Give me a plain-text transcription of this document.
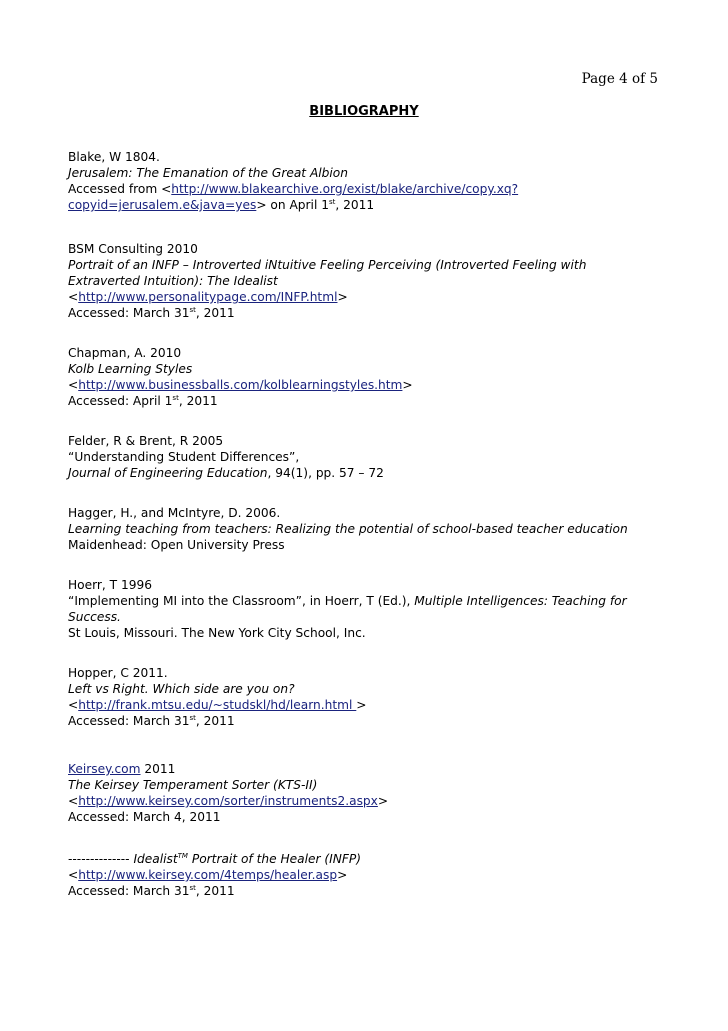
Page 4 of 5
BIBLIOGRAPHY
Blake, W 1804.
Jerusalem: The Emanation of the Great Albion
Accessed from <http://www.blakearchive.org/exist/blake/archive/copy.xq?
copyid=jerusalem.e&java=yes> on April 1st, 2011
BSM Consulting 2010
Portrait of an INFP – Introverted iNtuitive Feeling Perceiving (Introverted Feeling with Extraverted Intuition): The Idealist
<http://www.personalitypage.com/INFP.html>
Accessed: March 31st, 2011
Chapman, A. 2010
Kolb Learning Styles
<http://www.businessballs.com/kolblearningstyles.htm>
Accessed: April 1st, 2011
Felder, R & Brent, R 2005
“Understanding Student Differences”,
Journal of Engineering Education, 94(1), pp. 57 – 72
Hagger, H., and McIntyre, D. 2006.
Learning teaching from teachers: Realizing the potential of school-based teacher education
Maidenhead: Open University Press
Hoerr, T 1996
“Implementing MI into the Classroom”, in Hoerr, T (Ed.), Multiple Intelligences: Teaching for Success.
St Louis, Missouri. The New York City School, Inc.
Hopper, C 2011.
Left vs Right. Which side are you on?
<http://frank.mtsu.edu/~studskl/hd/learn.html >
Accessed: March 31st, 2011
Keirsey.com 2011
The Keirsey Temperament Sorter (KTS-II)
<http://www.keirsey.com/sorter/instruments2.aspx>
Accessed: March 4, 2011
-------------- Idealist™ Portrait of the Healer (INFP)
<http://www.keirsey.com/4temps/healer.asp>
Accessed: March 31st, 2011
